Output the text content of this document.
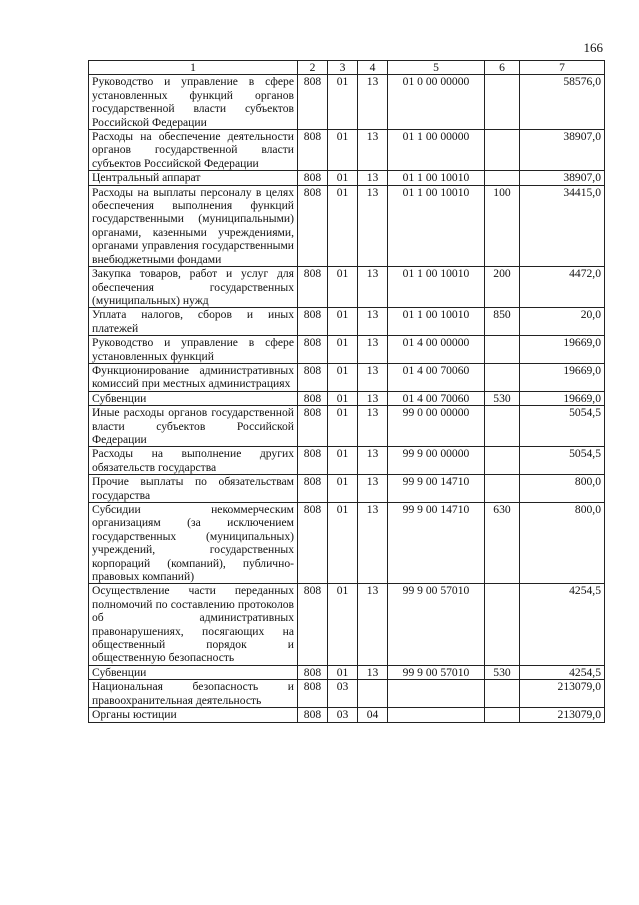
166
1	2	3	4	5	6	7
Руководство и управление в сфере установленных функций органов государственной власти субъектов Российской Федерации	808	01	13	01 0 00 00000		58576,0
Расходы на обеспечение деятельности органов государственной власти субъектов Российской Федерации	808	01	13	01 1 00 00000		38907,0
Центральный аппарат	808	01	13	01 1 00 10010		38907,0
Расходы на выплаты персоналу в целях обеспечения выполнения функций государственными (муниципальными) органами, казенными учреждениями, органами управления государственными внебюджетными фондами	808	01	13	01 1 00 10010	100	34415,0
Закупка товаров, работ и услуг для обеспечения государственных (муниципальных) нужд	808	01	13	01 1 00 10010	200	4472,0
Уплата налогов, сборов и иных платежей	808	01	13	01 1 00 10010	850	20,0
Руководство и управление в сфере установленных функций	808	01	13	01 4 00 00000		19669,0
Функционирование административных комиссий при местных администрациях	808	01	13	01 4 00 70060		19669,0
Субвенции	808	01	13	01 4 00 70060	530	19669,0
Иные расходы органов государственной власти субъектов Российской Федерации	808	01	13	99 0 00 00000		5054,5
Расходы на выполнение других обязательств государства	808	01	13	99 9 00 00000		5054,5
Прочие выплаты по обязательствам государства	808	01	13	99 9 00 14710		800,0
Субсидии некоммерческим организациям (за исключением государственных (муниципальных) учреждений, государственных корпораций (компаний), публично-правовых компаний)	808	01	13	99 9 00 14710	630	800,0
Осуществление части переданных полномочий по составлению протоколов об административных правонарушениях, посягающих на общественный порядок и общественную безопасность	808	01	13	99 9 00 57010		4254,5
Субвенции	808	01	13	99 9 00 57010	530	4254,5
Национальная безопасность и правоохранительная деятельность	808	03				213079,0
Органы юстиции	808	03	04			213079,0
